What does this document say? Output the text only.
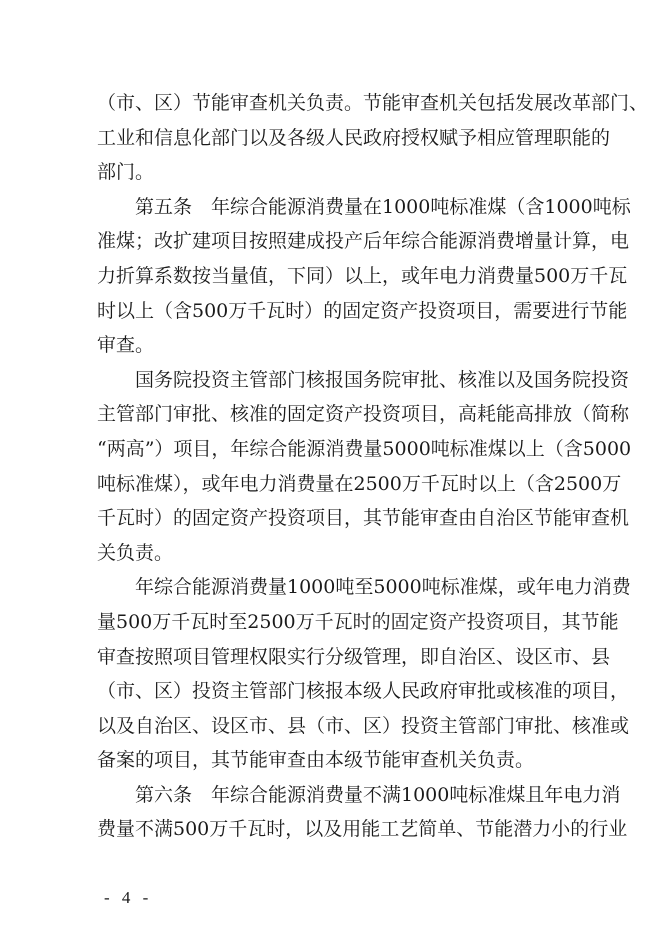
（市、区）节能审查机关负责。节能审查机关包括发展改革部门、
工业和信息化部门以及各级人民政府授权赋予相应管理职能的
部门。
第五条　年综合能源消费量在1000吨标准煤（含1000吨标
准煤；改扩建项目按照建成投产后年综合能源消费增量计算，电
力折算系数按当量值，下同）以上，或年电力消费量500万千瓦
时以上（含500万千瓦时）的固定资产投资项目，需要进行节能
审查。
国务院投资主管部门核报国务院审批、核准以及国务院投资
主管部门审批、核准的固定资产投资项目，高耗能高排放（简称
“两高”）项目，年综合能源消费量5000吨标准煤以上（含5000
吨标准煤），或年电力消费量在2500万千瓦时以上（含2500万
千瓦时）的固定资产投资项目，其节能审查由自治区节能审查机
关负责。
年综合能源消费量1000吨至5000吨标准煤，或年电力消费
量500万千瓦时至2500万千瓦时的固定资产投资项目，其节能
审查按照项目管理权限实行分级管理，即自治区、设区市、县
（市、区）投资主管部门核报本级人民政府审批或核准的项目，
以及自治区、设区市、县（市、区）投资主管部门审批、核准或
备案的项目，其节能审查由本级节能审查机关负责。
第六条　年综合能源消费量不满1000吨标准煤且年电力消
费量不满500万千瓦时，以及用能工艺简单、节能潜力小的行业
- 4 -
